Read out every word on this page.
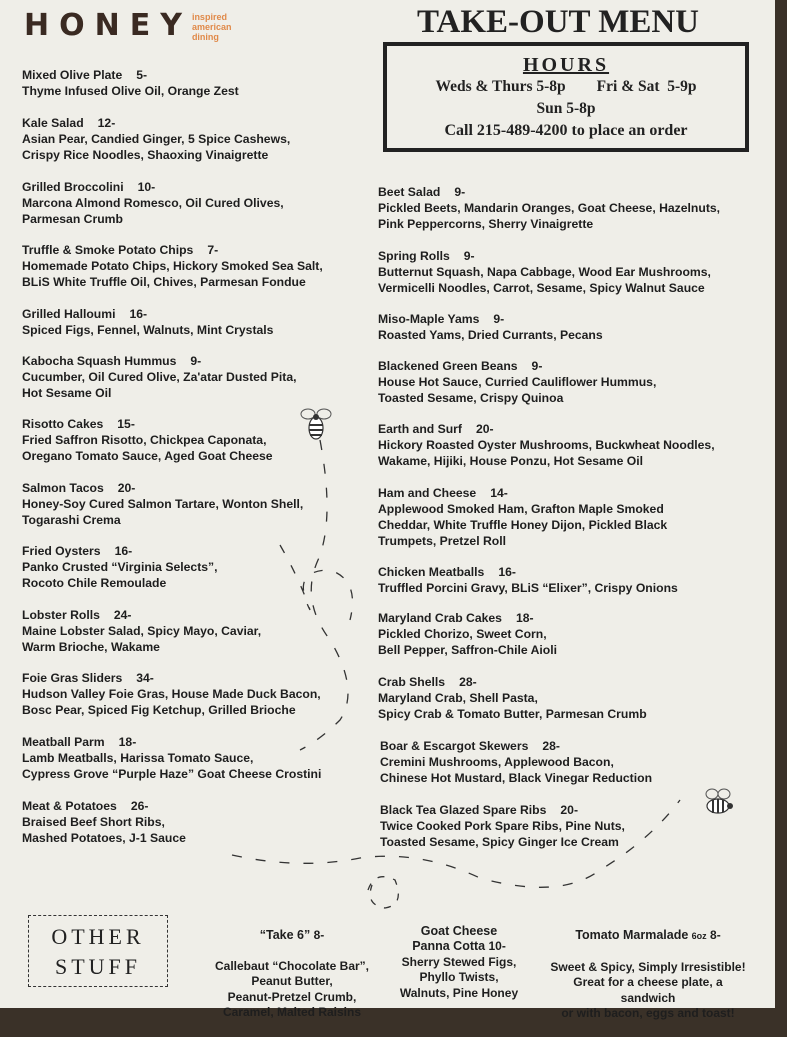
HONEY inspired
american
dining	TAKE-OUT MENU
HOURS
Weds & Thurs 5-8p        Fri & Sat  5-9p
Sun 5-8p
Call 215-489-4200 to place an order
Mixed Olive Plate 5-
Thyme Infused Olive Oil, Orange Zest
Kale Salad 12-
Asian Pear, Candied Ginger, 5 Spice Cashews,
Crispy Rice Noodles, Shaoxing Vinaigrette
Grilled Broccolini 10-
Marcona Almond Romesco, Oil Cured Olives,
Parmesan Crumb
Truffle & Smoke Potato Chips 7-
Homemade Potato Chips, Hickory Smoked Sea Salt,
BLiS White Truffle Oil, Chives, Parmesan Fondue
Grilled Halloumi 16-
Spiced Figs, Fennel, Walnuts, Mint Crystals
Kabocha Squash Hummus 9-
Cucumber, Oil Cured Olive, Za'atar Dusted Pita,
Hot Sesame Oil
Risotto Cakes 15-
Fried Saffron Risotto, Chickpea Caponata,
Oregano Tomato Sauce, Aged Goat Cheese
Salmon Tacos 20-
Honey-Soy Cured Salmon Tartare, Wonton Shell,
Togarashi Crema
Fried Oysters 16-
Panko Crusted “Virginia Selects”,
Rocoto Chile Remoulade
Lobster Rolls 24-
Maine Lobster Salad, Spicy Mayo, Caviar,
Warm Brioche, Wakame
Foie Gras Sliders 34-
Hudson Valley Foie Gras, House Made Duck Bacon,
Bosc Pear, Spiced Fig Ketchup, Grilled Brioche
Meatball Parm 18-
Lamb Meatballs, Harissa Tomato Sauce,
Cypress Grove “Purple Haze” Goat Cheese Crostini
Meat & Potatoes 26-
Braised Beef Short Ribs,
Mashed Potatoes, J-1 Sauce
Beet Salad 9-
Pickled Beets, Mandarin Oranges, Goat Cheese, Hazelnuts,
Pink Peppercorns, Sherry Vinaigrette
Spring Rolls 9-
Butternut Squash, Napa Cabbage, Wood Ear Mushrooms,
Vermicelli Noodles, Carrot, Sesame, Spicy Walnut Sauce
Miso-Maple Yams 9-
Roasted Yams, Dried Currants, Pecans
Blackened Green Beans 9-
House Hot Sauce, Curried Cauliflower Hummus,
Toasted Sesame, Crispy Quinoa
Earth and Surf 20-
Hickory Roasted Oyster Mushrooms, Buckwheat Noodles,
Wakame, Hijiki, House Ponzu, Hot Sesame Oil
Ham and Cheese 14-
Applewood Smoked Ham, Grafton Maple Smoked
Cheddar, White Truffle Honey Dijon, Pickled Black
Trumpets, Pretzel Roll
Chicken Meatballs 16-
Truffled Porcini Gravy, BLiS “Elixer”, Crispy Onions
Maryland Crab Cakes 18-
Pickled Chorizo, Sweet Corn,
Bell Pepper, Saffron-Chile Aioli
Crab Shells 28-
Maryland Crab, Shell Pasta,
Spicy Crab & Tomato Butter, Parmesan Crumb
Boar & Escargot Skewers 28-
Cremini Mushrooms, Applewood Bacon,
Chinese Hot Mustard, Black Vinegar Reduction
Black Tea Glazed Spare Ribs 20-
Twice Cooked Pork Spare Ribs, Pine Nuts,
Toasted Sesame, Spicy Ginger Ice Cream
OTHER
STUFF

“Take 6” 8-

Callebaut “Chocolate Bar”,
Peanut Butter,
Peanut-Pretzel Crumb,
Caramel, Malted Raisins

Goat Cheese
Panna Cotta 10-

Sherry Stewed Figs,
Phyllo Twists,
Walnuts, Pine Honey

Tomato Marmalade 6oz 8-

Sweet & Spicy, Simply Irresistible!
Great for a cheese plate, a sandwich
or with bacon, eggs and toast!
